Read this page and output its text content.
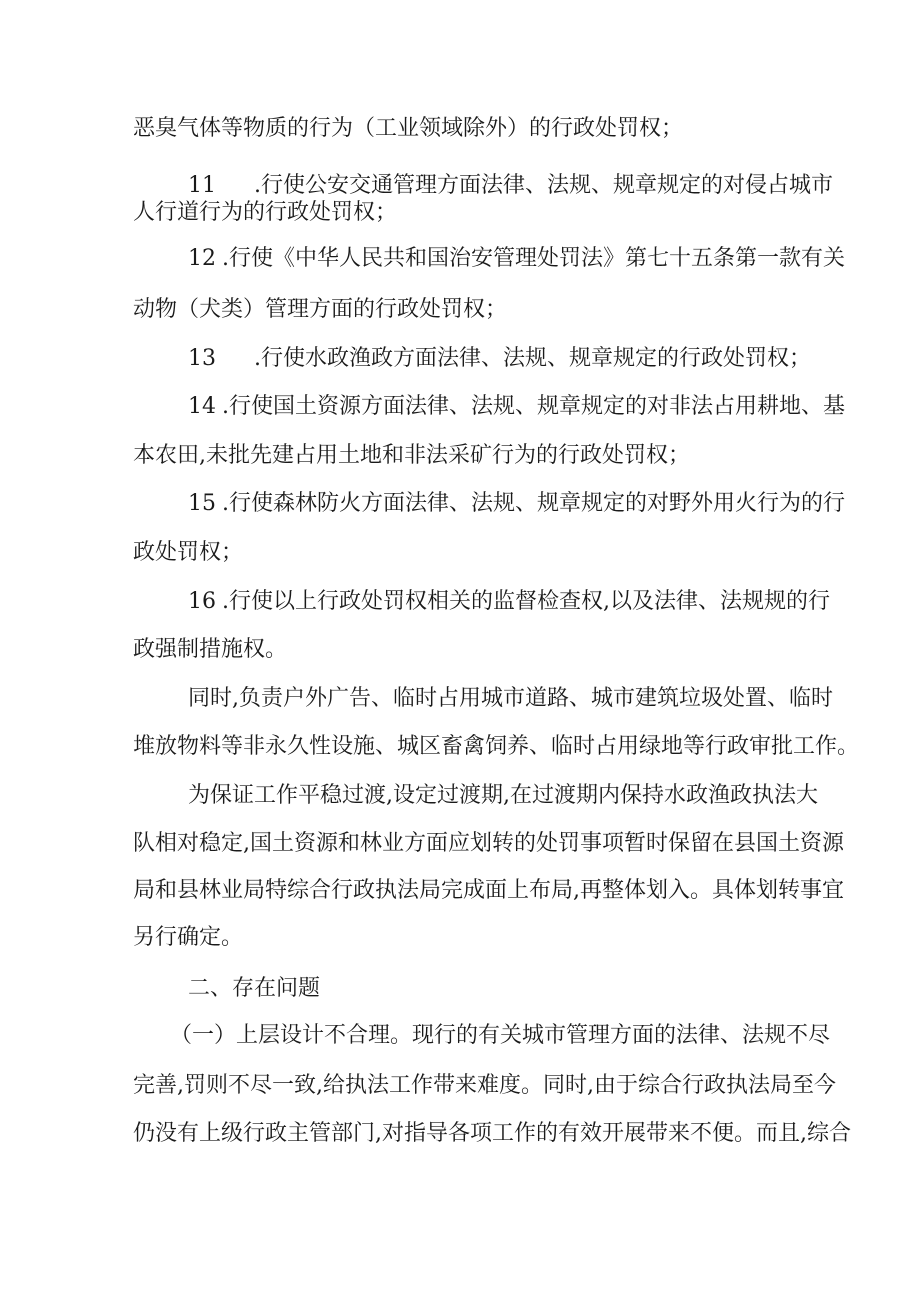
恶臭气体等物质的行为（工业领域除外）的行政处罚权；
11 .行使公安交通管理方面法律、法规、规章规定的对侵占城市
人行道行为的行政处罚权；
12 .行使《中华人民共和国治安管理处罚法》第七十五条第一款有关
动物（犬类）管理方面的行政处罚权；
13 .行使水政渔政方面法律、法规、规章规定的行政处罚权；
14 .行使国土资源方面法律、法规、规章规定的对非法占用耕地、基
本农田,未批先建占用土地和非法采矿行为的行政处罚权；
15 .行使森林防火方面法律、法规、规章规定的对野外用火行为的行
政处罚权；
16 .行使以上行政处罚权相关的监督检查权,以及法律、法规规的行
政强制措施权。
同时,负责户外广告、临时占用城市道路、城市建筑垃圾处置、临时
堆放物料等非永久性设施、城区畜禽饲养、临时占用绿地等行政审批工作。
为保证工作平稳过渡,设定过渡期,在过渡期内保持水政渔政执法大
队相对稳定,国土资源和林业方面应划转的处罚事项暂时保留在县国土资源
局和县林业局特综合行政执法局完成面上布局,再整体划入。具体划转事宜
另行确定。
二、存在问题
（一）上层设计不合理。现行的有关城市管理方面的法律、法规不尽
完善,罚则不尽一致,给执法工作带来难度。同时,由于综合行政执法局至今
仍没有上级行政主管部门,对指导各项工作的有效开展带来不便。而且,综合
